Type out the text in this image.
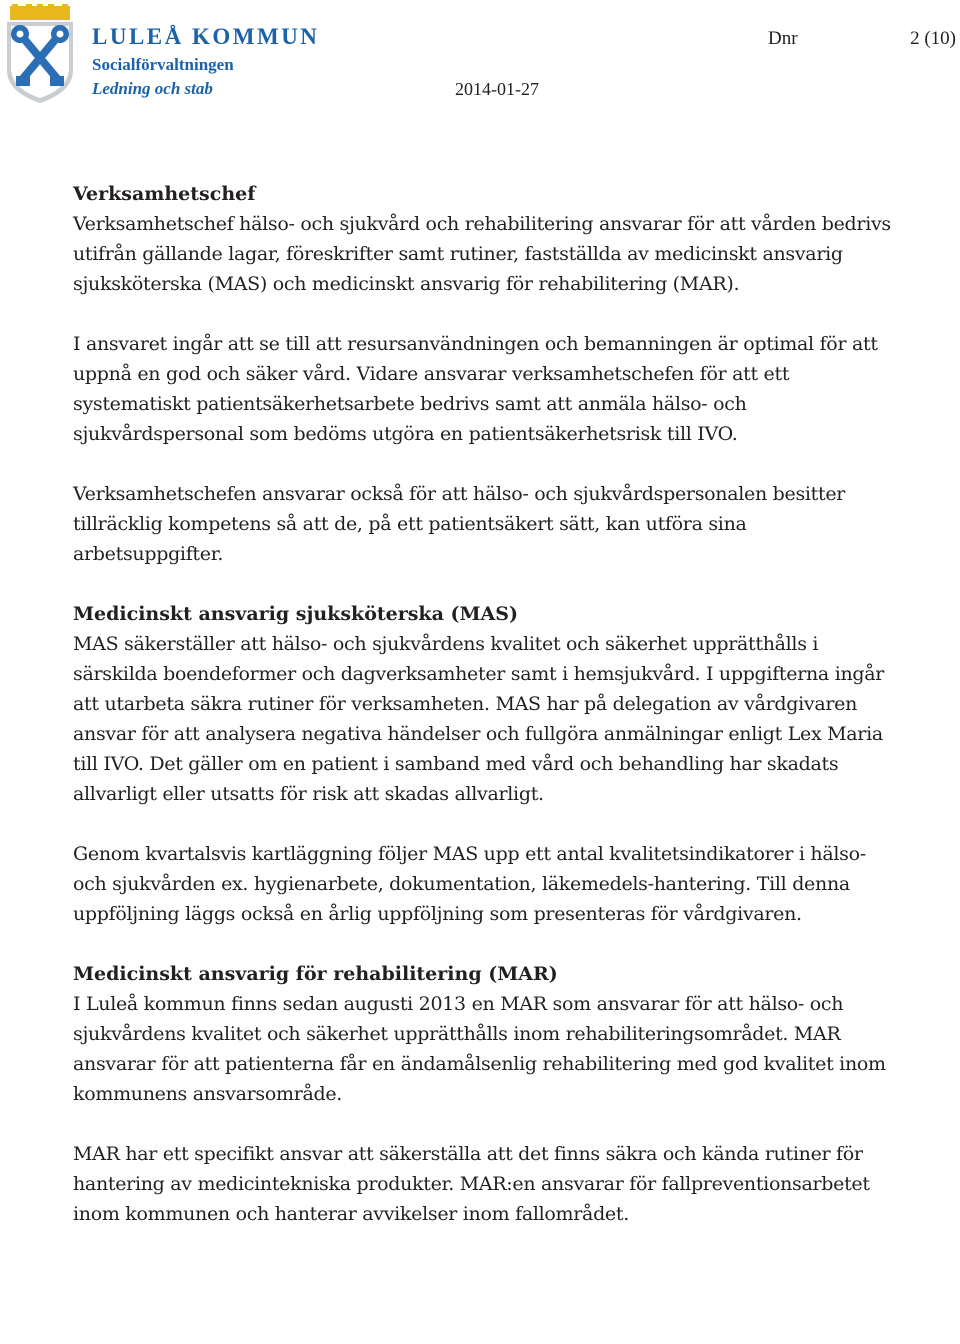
LULEÅ KOMMUN
Socialförvaltningen
Ledning och stab	2014-01-27
Dnr	2 (10)
Verksamhetschef

Verksamhetschef hälso- och sjukvård och rehabilitering ansvarar för att vården bedrivs utifrån gällande lagar, föreskrifter samt rutiner, fastställda av medicinskt ansvarig sjuksköterska (MAS) och medicinskt ansvarig för rehabilitering (MAR).

I ansvaret ingår att se till att resursanvändningen och bemanningen är optimal för att uppnå en god och säker vård. Vidare ansvarar verksamhetschefen för att ett systematiskt patientsäkerhetsarbete bedrivs samt att anmäla hälso- och sjukvårdspersonal som bedöms utgöra en patientsäkerhetsrisk till IVO.

Verksamhetschefen ansvarar också för att hälso- och sjukvårdspersonalen besitter tillräcklig kompetens så att de, på ett patientsäkert sätt, kan utföra sina arbetsuppgifter.

Medicinskt ansvarig sjuksköterska (MAS)

MAS säkerställer att hälso- och sjukvårdens kvalitet och säkerhet upprätthålls i särskilda boendeformer och dagverksamheter samt i hemsjukvård. I uppgifterna ingår att utarbeta säkra rutiner för verksamheten. MAS har på delegation av vårdgivaren ansvar för att analysera negativa händelser och fullgöra anmälningar enligt Lex Maria till IVO. Det gäller om en patient i samband med vård och behandling har skadats allvarligt eller utsatts för risk att skadas allvarligt.

Genom kvartalsvis kartläggning följer MAS upp ett antal kvalitetsindikatorer i hälso- och sjukvården ex. hygienarbete, dokumentation, läkemedels-hantering. Till denna uppföljning läggs också en årlig uppföljning som presenteras för vårdgivaren.

Medicinskt ansvarig för rehabilitering (MAR)

I Luleå kommun finns sedan augusti 2013 en MAR som ansvarar för att hälso- och sjukvårdens kvalitet och säkerhet upprätthålls inom rehabiliteringsområdet. MAR ansvarar för att patienterna får en ändamålsenlig rehabilitering med god kvalitet inom kommunens ansvarsområde.

MAR har ett specifikt ansvar att säkerställa att det finns säkra och kända rutiner för hantering av medicintekniska produkter. MAR:en ansvarar för fallpreventionsarbetet inom kommunen och hanterar avvikelser inom fallområdet.
